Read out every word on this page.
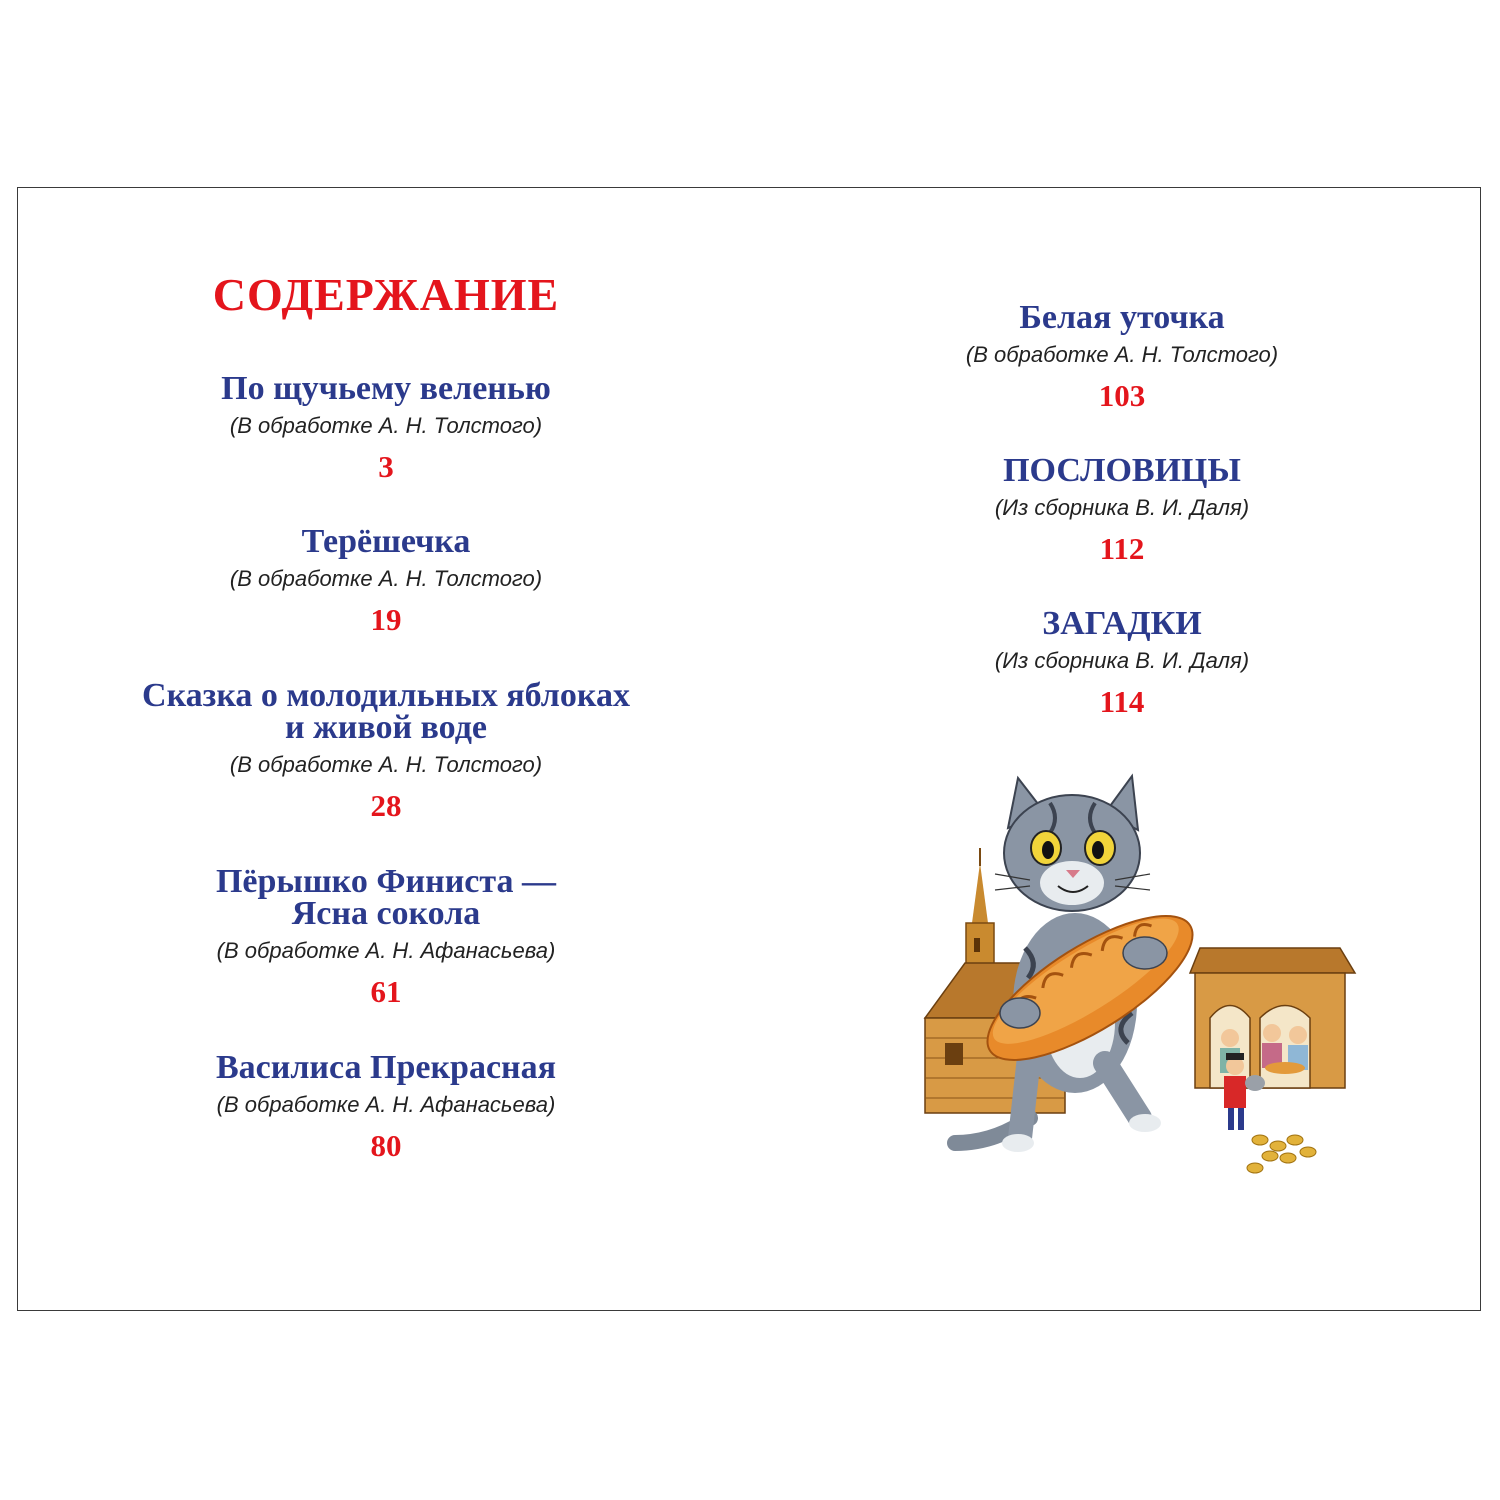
СОДЕРЖАНИЕ
По щучьему веленью
(В обработке А. Н. Толстого)
3
Терёшечка
(В обработке А. Н. Толстого)
19
Сказка о молодильных яблоках
и живой воде
(В обработке А. Н. Толстого)
28
Пёрышко Финиста —
Ясна сокола
(В обработке А. Н. Афанасьева)
61
Василиса Прекрасная
(В обработке А. Н. Афанасьева)
80
Белая уточка
(В обработке А. Н. Толстого)
103
ПОСЛОВИЦЫ
(Из сборника В. И. Даля)
112
ЗАГАДКИ
(Из сборника В. И. Даля)
114
